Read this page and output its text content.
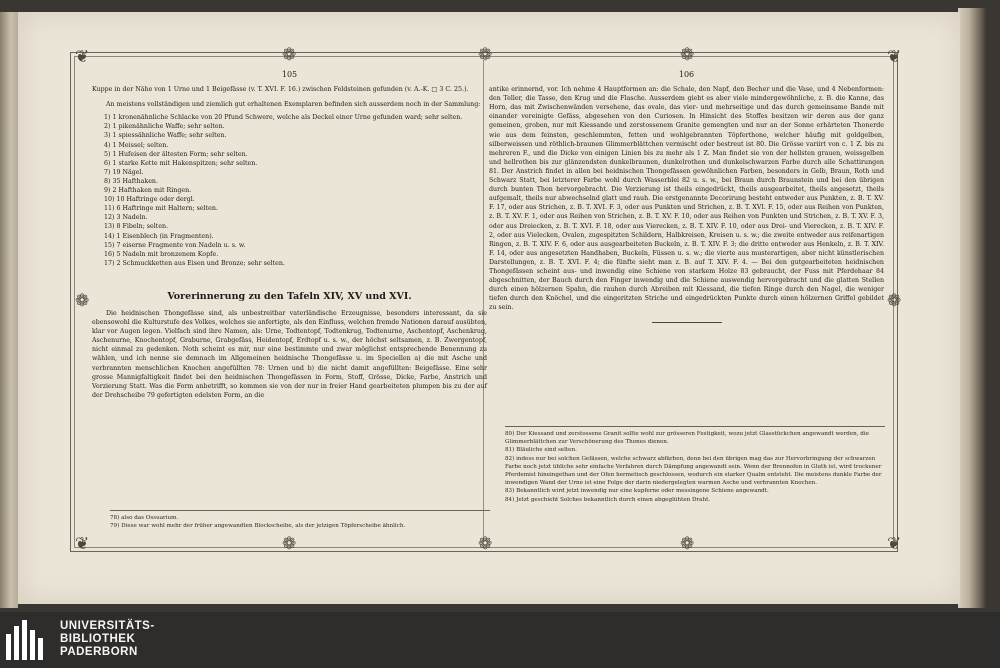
❦	❁	❁	❁	❦
❁	❁
❦	❁	❁	❁	❦
105

Kuppe in der Nähe von 1 Urne und 1 Beigefässe (v. T. XVI. F. 16.) zwischen Feldsteinen gefunden (v. A.-K. □ 3 C. 25.).

An meistens vollständigen und ziemlich gut erhaltenen Exemplaren befinden sich ausserdem noch in der Sammlung:

1) 1 kronenähnliche Schlacke von 20 Pfund Schwere, welche als Deckel einer Urne gefunden ward; sehr selten.
2) 1 pikenähnliche Waffe; sehr selten.
3) 1 spiessähnliche Waffe; sehr selten.
4) 1 Meissel; selten.
5) 1 Hufeisen der ältesten Form; sehr selten.
6) 1 starke Kette mit Hakenspitzen; sehr selten.
7) 19 Nägel.
8) 35 Hafthaken.
9) 2 Hafthaken mit Ringen.
10) 10 Haftringe oder dergl.
11) 6 Haftringe mit Haltern; selten.
12) 3 Nadeln.
13) 8 Fibeln; selten.
14) 1 Eisenblech (in Fragmenten).
15) 7 eiserne Fragmente von Nadeln u. s. w.
16) 5 Nadeln mit bronzenem Kopfe.
17) 2 Schmuckketten aus Eisen und Bronze; sehr selten.
Vorerinnerung zu den Tafeln XIV, XV und XVI.

Die heidnischen Thongefässe sind, als unbestreitbar vaterländische Erzeugnisse, besonders interessant, da sie ebensowohl die Kulturstufe des Volkes, welches sie anfertigte, als den Einfluss, welchen fremde Nationen darauf ausübten, klar vor Augen legen. Vielfach sind ihre Namen, als: Urne, Todtentopf, Todtenkrug, Todtenurne, Aschentopf, Aschenkrug, Aschenurne, Knochentopf, Graburne, Grabgefäss, Heidentopf, Erdtopf u. s. w., der höchst seltsamen, z. B. Zwergentopf, nicht einmal zu gedenken. Noth scheint es mir, nur eine bestimmte und zwar möglichst entsprechende Benennung zu wählen, und ich nenne sie demnach im Allgemeinen heidnische Thongefässe u. im Speciellen a) die mit Asche und verbrannten menschlichen Knochen angefüllten 78: Urnen und b) die nicht damit angefüllten: Beigefässe. Eine sehr grosse Mannigfaltigkeit findet bei den heidnischen Thongefässen in Form, Stoff, Grösse, Dicke, Farbe, Anstrich und Verzierung Statt. Was die Form anbetrifft, so kommen sie von der nur in freier Hand gearbeiteten plumpen bis zu der auf der Drehscheibe 79 gefertigten edelsten Form, an die

78) also das Ossuarium.
79) Diese war wohl mehr der früher angewandten Blockscheibe, als der jetzigen Töpferscheibe ähnlich.
106

antike erinnernd, vor. Ich nehme 4 Hauptformen an: die Schale, den Napf, den Becher und die Vase, und 4 Nebenformen: den Teller, die Tasse, den Krug und die Flasche. Ausserdem giebt es aber viele mindergewöhnliche, z. B. die Kanne, das Horn, das mit Zwischenwänden versehene, das ovale, das vier- und mehrseitige und das durch gemeinsame Bande mit einander vereinigte Gefäss, abgesehen von den Curiosen. In Hinsicht des Stoffes besitzen wir deren aus der ganz gemeinen, groben, nur mit Kiessande und zerstossenem Granite gemengten und nur an der Sonne erhärteten Thonerde wie aus dem feinsten, geschlemmten, fetten und wohlgebrannten Töpferthone, welcher häufig mit goldgelben, silberweissen und röthlich-braunen Glimmerblättchen vermischt oder bestreut ist 80. Die Grösse variirt von c. 1 Z. bis zu mehreren F., und die Dicke von einigen Linien bis zu mehr als 1 Z. Man findet sie von der hellsten grauen, weissgelben und hellrothen bis zur glänzendsten dunkelbraunen, dunkelrothen und dunkelschwarzen Farbe durch alle Schattirungen 81. Der Anstrich findet in allen bei heidnischen Thongefässen gewöhnlichen Farben, besonders in Gelb, Braun, Roth und Schwarz Statt, bei letzterer Farbe wohl durch Wasserblei 82 u. s. w., bei Braun durch Braunstein und bei den übrigen durch bunten Thon hervorgebracht. Die Verzierung ist theils eingedrückt, theils ausgearbeitet, theils angesetzt, theils aufgemalt, theils nur abwechselnd glatt und rauh. Die erstgenannte Decorirung besteht entweder aus Punkten, z. B. T. XV. F. 17, oder aus Strichen, z. B. T. XVI. F. 3, oder aus Punkten und Strichen, z. B. T. XVI. F. 15, oder aus Reihen von Punkten, z. B. T. XV. F. 1, oder aus Reihen von Strichen, z. B. T. XV. F. 10, oder aus Reihen von Punkten und Strichen, z. B. T. XV. F. 3, oder aus Dreiecken, z. B. T. XVI. F. 18, oder aus Vierecken, z. B. T. XIV. F. 10, oder aus Drei- und Vierecken, z. B. T. XIV. F. 2, oder aus Vielecken, Ovalen, zugespitzten Schildern, Halbkreisen, Kreisen u. s. w.; die zweite entweder aus reifenartigen Ringen, z. B. T. XIV. F. 6, oder aus ausgearbeiteten Buckeln, z. B. T. XIV. F. 3; die dritte entweder aus Henkeln, z. B. T. XIV. F. 14, oder aus angesetzten Handhaben, Buckeln, Füssen u. s. w.; die vierte aus musterartigen, aber nicht künstlerischen Darstellungen, z. B. T. XVI. F. 4; die fünfte sieht man z. B. auf T. XIV. F. 4. — Bei den gutgearbeiteten heidnischen Thongefässen scheint aus- und inwendig eine Schiene von starkem Holze 83 gebraucht, der Fuss mit Pferdehaar 84 abgeschnitten, der Bauch durch den Finger inwendig und die Schiene auswendig hervorgebracht und die glatten Stellen durch einen hölzernen Spahn, die rauhen durch Abreiben mit Kiessand, die tiefen Ringe durch den Nagel, die weniger tiefen durch den Knöchel, und die eingeritzten Striche und eingedrückten Punkte durch einen hölzernen Griffel gebildet zu sein.

80) Der Kiessand und zerstossene Granit sollte wohl zur grösseren Festigkeit, wozu jetzt Glasstückchen angewandt werden, die Glimmerblättchen zur Verschönerung des Thones dienen.
81) Bläuliche sind selten.
82) indess nur bei solchen Gefässen, welche schwarz abfärben, denn bei den übrigen mag das zur Hervorbringung der schwarzen Farbe noch jetzt übliche sehr einfache Verfahren durch Dämpfung angewandt sein. Wenn der Brennofen in Gluth ist, wird trockener Pferdemist hineingethan und der Ofen hermetisch geschlossen, wodurch ein starker Qualm entsteht. Die meistens dunkle Farbe der inwendigen Wand der Urne ist eine Folge der darin niedergelegten warmen Asche und verbrannten Knochen.
83) Bekanntlich wird jetzt inwendig nur eine kupferne oder messingene Schiene angewandt.
84) Jetzt geschieht Solches bekanntlich durch einen abgeglühten Draht.
UNIVERSITÄTS-
BIBLIOTHEK
PADERBORN
